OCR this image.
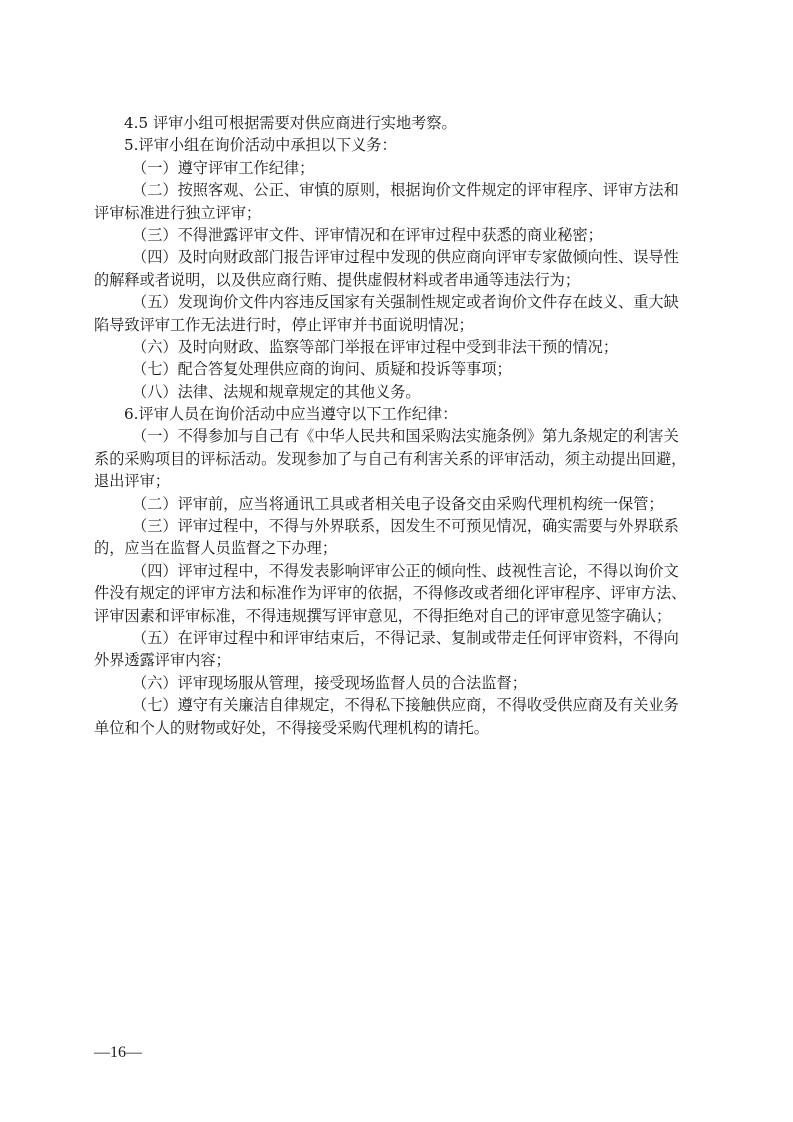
4.5 评审小组可根据需要对供应商进行实地考察。
5.评审小组在询价活动中承担以下义务：
（一）遵守评审工作纪律；
（二）按照客观、公正、审慎的原则，根据询价文件规定的评审程序、评审方法和
评审标准进行独立评审；
（三）不得泄露评审文件、评审情况和在评审过程中获悉的商业秘密；
（四）及时向财政部门报告评审过程中发现的供应商向评审专家做倾向性、误导性
的解释或者说明，以及供应商行贿、提供虚假材料或者串通等违法行为；
（五）发现询价文件内容违反国家有关强制性规定或者询价文件存在歧义、重大缺
陷导致评审工作无法进行时，停止评审并书面说明情况；
（六）及时向财政、监察等部门举报在评审过程中受到非法干预的情况；
（七）配合答复处理供应商的询问、质疑和投诉等事项；
（八）法律、法规和规章规定的其他义务。
6.评审人员在询价活动中应当遵守以下工作纪律：
（一）不得参加与自己有《中华人民共和国采购法实施条例》第九条规定的利害关
系的采购项目的评标活动。发现参加了与自己有利害关系的评审活动，须主动提出回避，
退出评审；
（二）评审前，应当将通讯工具或者相关电子设备交由采购代理机构统一保管；
（三）评审过程中，不得与外界联系，因发生不可预见情况，确实需要与外界联系
的，应当在监督人员监督之下办理；
（四）评审过程中，不得发表影响评审公正的倾向性、歧视性言论，不得以询价文
件没有规定的评审方法和标准作为评审的依据，不得修改或者细化评审程序、评审方法、
评审因素和评审标准，不得违规撰写评审意见，不得拒绝对自己的评审意见签字确认；
（五）在评审过程中和评审结束后，不得记录、复制或带走任何评审资料，不得向
外界透露评审内容；
（六）评审现场服从管理，接受现场监督人员的合法监督；
（七）遵守有关廉洁自律规定，不得私下接触供应商，不得收受供应商及有关业务
单位和个人的财物或好处，不得接受采购代理机构的请托。
—16—
